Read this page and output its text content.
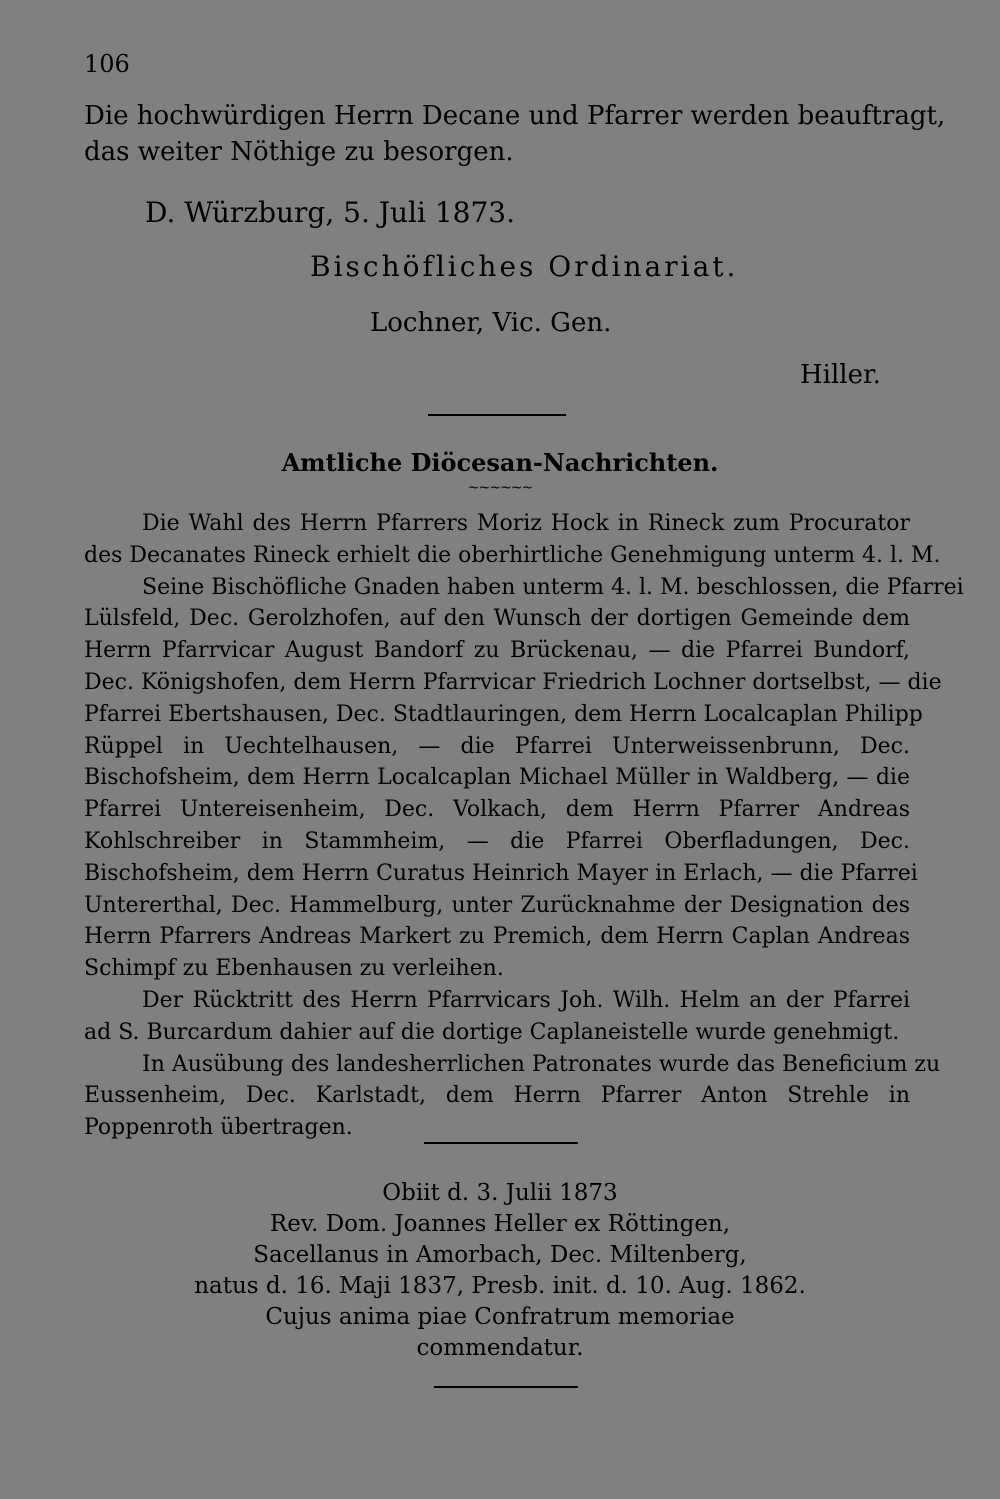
106
Die hochwürdigen Herrn Decane und Pfarrer werden beauftragt,
das weiter Nöthige zu besorgen.
D. Würzburg, 5. Juli 1873.
Bischöfliches Ordinariat.
Lochner, Vic. Gen.
Hiller.
Amtliche Diöcesan-Nachrichten.
~~~~~~
Die Wahl des Herrn Pfarrers Moriz Hock in Rineck zum Procurator
des Decanates Rineck erhielt die oberhirtliche Genehmigung unterm 4. l. M.
Seine Bischöfliche Gnaden haben unterm 4. l. M. beschlossen, die Pfarrei
Lülsfeld, Dec. Gerolzhofen, auf den Wunsch der dortigen Gemeinde dem
Herrn Pfarrvicar August Bandorf zu Brückenau, — die Pfarrei Bundorf,
Dec. Königshofen, dem Herrn Pfarrvicar Friedrich Lochner dortselbst, — die
Pfarrei Ebertshausen, Dec. Stadtlauringen, dem Herrn Localcaplan Philipp
Rüppel in Uechtelhausen, — die Pfarrei Unterweissenbrunn, Dec.
Bischofsheim, dem Herrn Localcaplan Michael Müller in Waldberg, — die
Pfarrei Untereisenheim, Dec. Volkach, dem Herrn Pfarrer Andreas
Kohlschreiber in Stammheim, — die Pfarrei Oberfladungen, Dec.
Bischofsheim, dem Herrn Curatus Heinrich Mayer in Erlach, — die Pfarrei
Untererthal, Dec. Hammelburg, unter Zurücknahme der Designation des
Herrn Pfarrers Andreas Markert zu Premich, dem Herrn Caplan Andreas
Schimpf zu Ebenhausen zu verleihen.
Der Rücktritt des Herrn Pfarrvicars Joh. Wilh. Helm an der Pfarrei
ad S. Burcardum dahier auf die dortige Caplaneistelle wurde genehmigt.
In Ausübung des landesherrlichen Patronates wurde das Beneficium zu
Eussenheim, Dec. Karlstadt, dem Herrn Pfarrer Anton Strehle in
Poppenroth übertragen.
Obiit d. 3. Julii 1873
Rev. Dom. Joannes Heller ex Röttingen,
Sacellanus in Amorbach, Dec. Miltenberg,
natus d. 16. Maji 1837, Presb. init. d. 10. Aug. 1862.
Cujus anima piae Confratrum memoriae
commendatur.
